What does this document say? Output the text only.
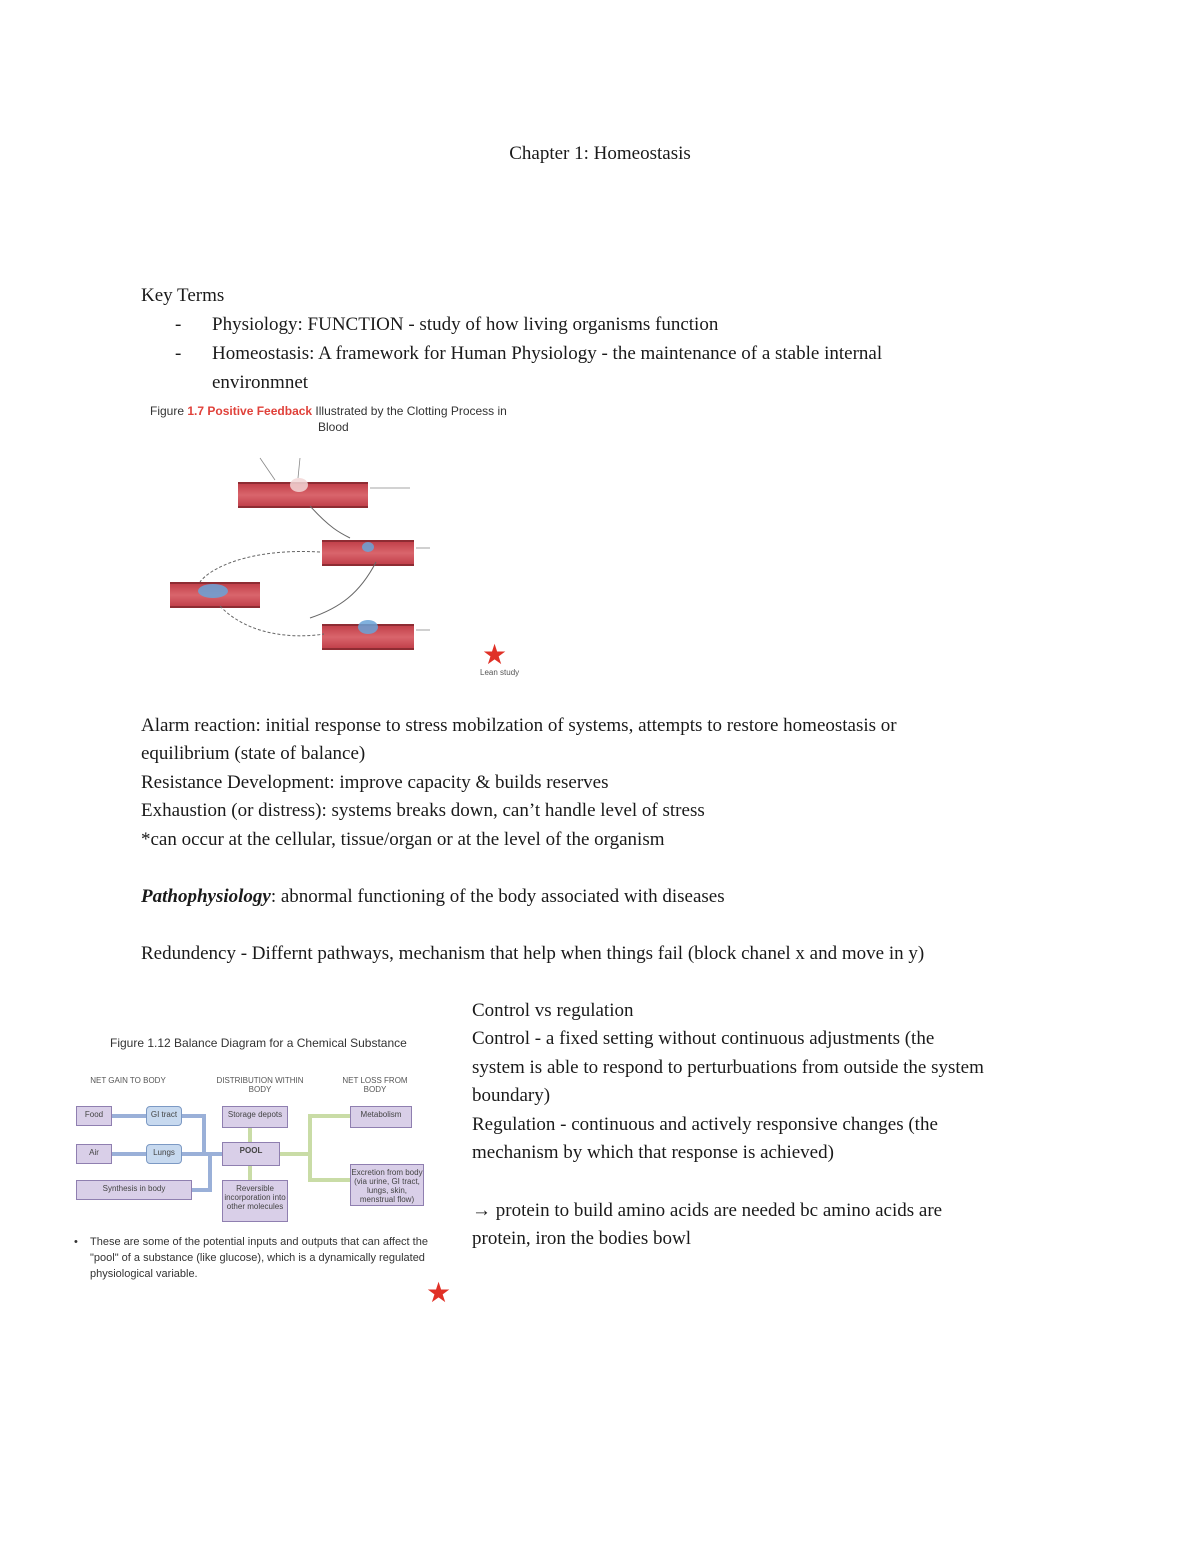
Chapter 1: Homeostasis
Key Terms
- Physiology: FUNCTION - study of how living organisms function
- Homeostasis: A framework for Human Physiology - the maintenance of a stable internal
environmnet
Figure 1.7 Positive Feedback Illustrated by the Clotting Process in
Blood
★
Lean study
Alarm reaction: initial response to stress mobilzation of systems, attempts to restore homeostasis or
equilibrium (state of balance)
Resistance Development: improve capacity & builds reserves
Exhaustion (or distress): systems breaks down, can’t handle level of stress
*can occur at the cellular, tissue/organ or at the level of the organism
Pathophysiology: abnormal functioning of the body associated with diseases
Redundency - Differnt pathways, mechanism that help when things fail (block chanel x and move in y)
Figure 1.12 Balance Diagram for a Chemical Substance
NET GAIN TO BODY	DISTRIBUTION WITHIN BODY
NET LOSS FROM BODY
Food
Air
Synthesis in body
GI tract
Lungs
Storage depots
POOL
Reversible incorporation into other molecules
Metabolism
Excretion from body (via urine, GI tract, lungs, skin, menstrual flow)
• These are some of the potential inputs and outputs that can affect the "pool" of a substance (like glucose), which is a dynamically regulated physiological variable.
★
Control vs regulation
Control - a fixed setting without continuous adjustments (the
system is able to respond to perturbuations from outside the system
boundary)
Regulation - continuous and actively responsive changes (the
mechanism by which that response is achieved)
→ protein to build amino acids are needed bc amino acids are
protein, iron the bodies bowl
